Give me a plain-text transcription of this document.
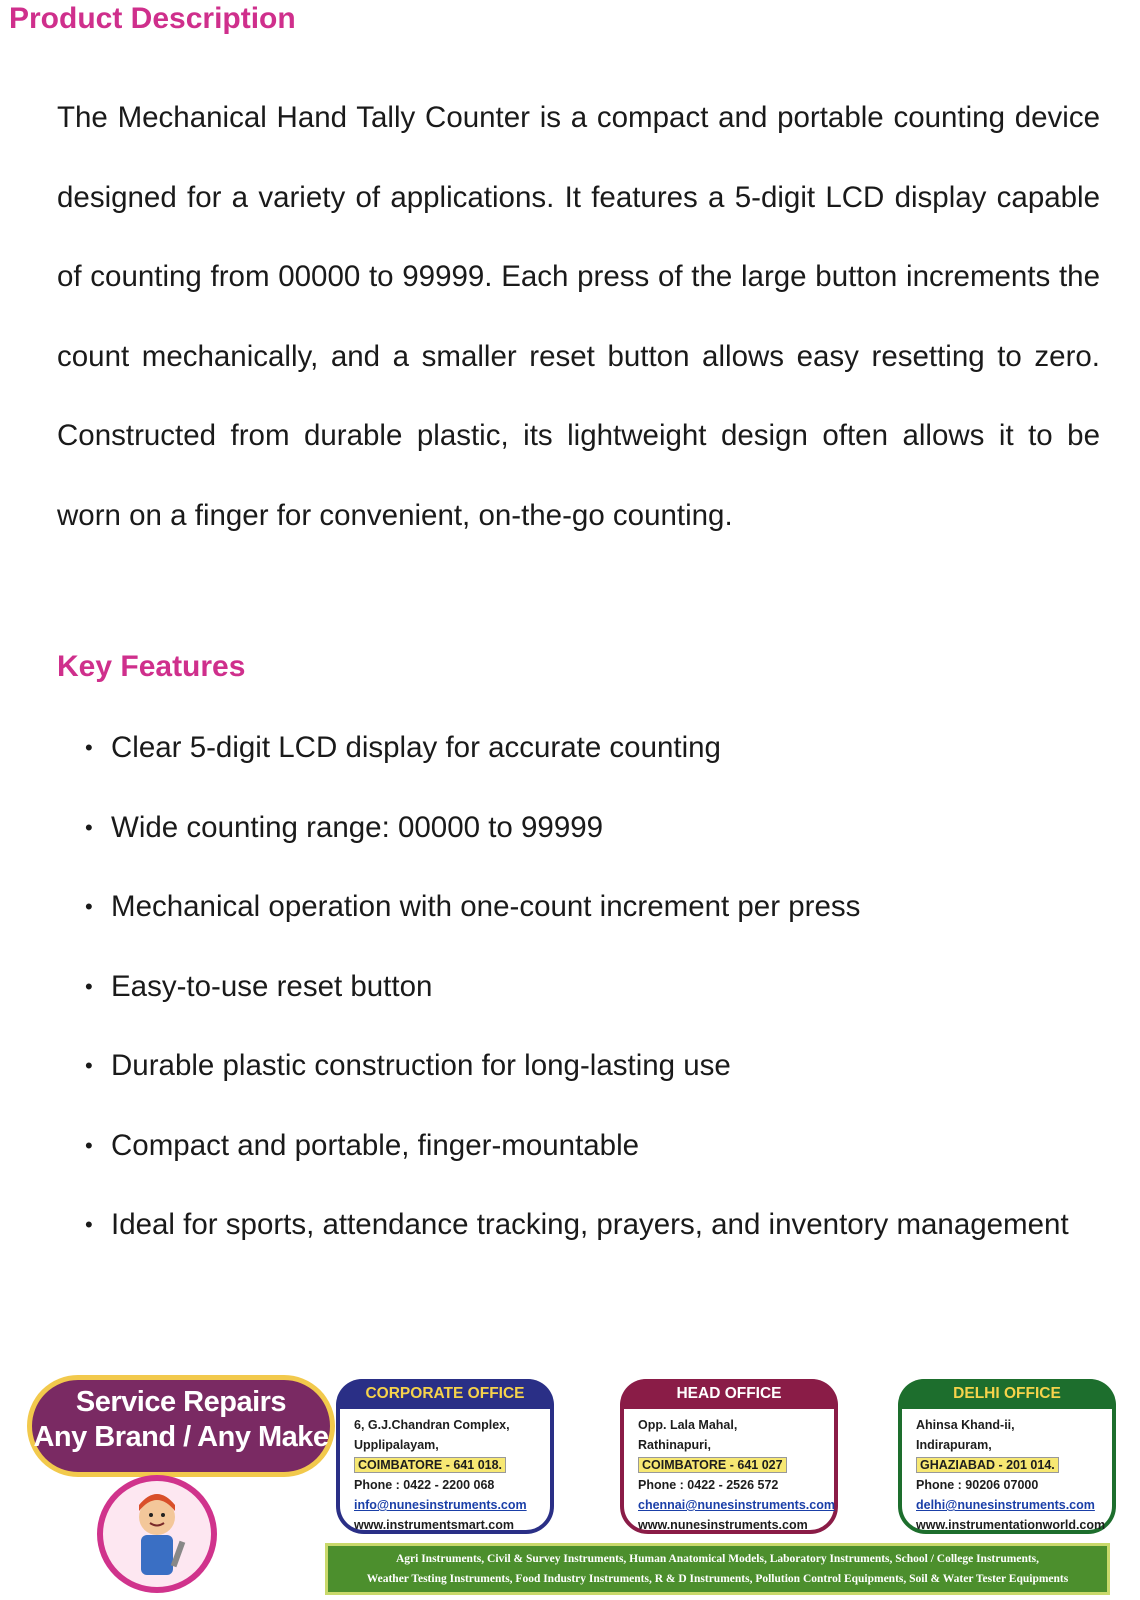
Product Description

The Mechanical Hand Tally Counter is a compact and portable counting device designed for a variety of applications. It features a 5-digit LCD display capable of counting from 00000 to 99999. Each press of the large button increments the count mechanically, and a smaller reset button allows easy resetting to zero. Constructed from durable plastic, its lightweight design often allows it to be worn on a finger for convenient, on-the-go counting.

Key Features
• Clear 5-digit LCD display for accurate counting
• Wide counting range: 00000 to 99999
• Mechanical operation with one-count increment per press
• Easy-to-use reset button
• Durable plastic construction for long-lasting use
• Compact and portable, finger-mountable
• Ideal for sports, attendance tracking, prayers, and inventory management
Service Repairs
Any Brand / Any Make
CORPORATE OFFICE
6, G.J.Chandran Complex,
Upplipalayam,
COIMBATORE - 641 018.
Phone : 0422 - 2200 068
info@nunesinstruments.com
www.instrumentsmart.com
HEAD OFFICE
Opp. Lala Mahal,
Rathinapuri,
COIMBATORE - 641 027
Phone : 0422 - 2526 572
chennai@nunesinstruments.com
www.nunesinstruments.com
DELHI OFFICE
Ahinsa Khand-ii,
Indirapuram,
GHAZIABAD - 201 014.
Phone : 90206 07000
delhi@nunesinstruments.com
www.instrumentationworld.com
Agri Instruments, Civil & Survey Instruments, Human Anatomical Models, Laboratory Instruments, School / College Instruments,
Weather Testing Instruments, Food Industry Instruments, R & D Instruments, Pollution Control Equipments, Soil & Water Tester Equipments
